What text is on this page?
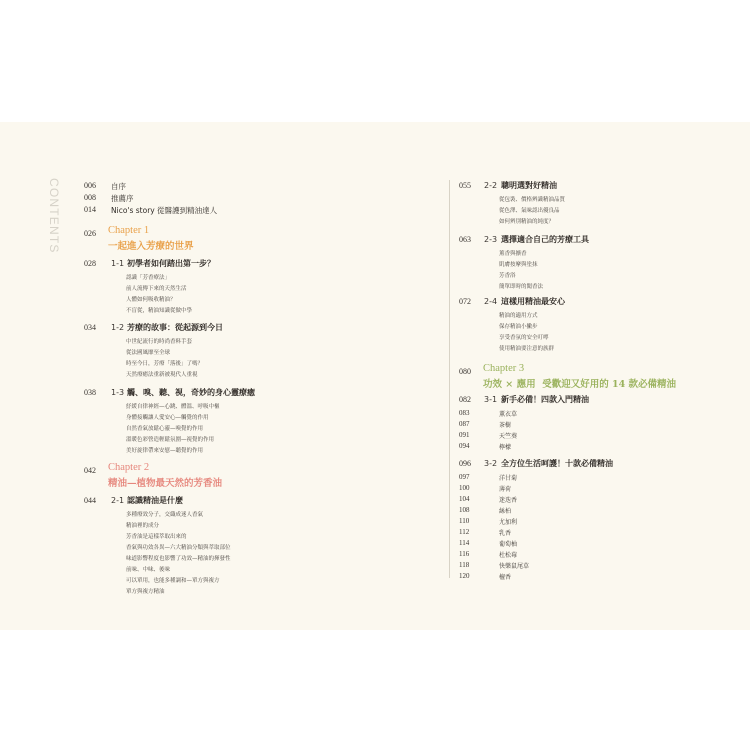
CONTENTS	006 自序
008 推薦序
014 Nico's story 從醫護到精油達人
026 Chapter 1
一起進入芳療的世界
028 1-1 初學者如何踏出第一步？
認識「芳香療法」
前人流傳下來的天然生活
人體如何吸收精油？
不盲從，精油知識從做中學
034 1-2 芳療的故事：從起源到今日
中世紀流行的時尚香料手套
從法國風靡至全球
時至今日，芳療「落後」了嗎？
天然療癒法重新被現代人重視
038 1-3 觸、嗅、聽、視，奇妙的身心靈療癒
紓緩自律神經—心跳、體溫、呼吸中樞
身體接觸讓人愛安心—觸覺的作用
自然香氣放鬆心靈—嗅覺的作用
溫暖色彩營造輕鬆氛圍—視覺的作用
美好旋律帶來安慰—聽覺的作用
042 Chapter 2
精油—植物最天然的芳香油
044 2-1 認識精油是什麼
多種療效分子，交織成迷人香氣
精油裡的成分
芳香油是這樣萃取出來的
香氣與功效各異—六大精油分類與萃取部位
味道影響程度也影響了功效—精油的揮發性
前味、中味、後味
可以單用，也能多種調和—單方與複方
單方與複方精油
055 2-2 聰明選對好精油
從包裝、價格辨識精油品質
從色澤、氣味認出優良品
如何辨別精油的純度？
063 2-3 選擇適合自己的芳療工具
薰香與擴香
肌膚按摩與塗抹
芳香浴
簡單即時的聞香法
072 2-4 這樣用精油最安心
精油的適用方式
保存精油小撇步
享受香氛的安全叮嚀
使用精油要注意的族群
080 Chapter 3
功效 × 應用  受歡迎又好用的 14 款必備精油
082 3-1 新手必備！四款入門精油
083	薰衣草
087	茶樹
091	天竺葵
094	檸檬
096 3-2 全方位生活呵護！十款必備精油
097	洋甘菊
100	薄荷
104	迷迭香
108	絲柏
110	尤加利
112	乳香
114	葡萄柚
116	杜松莓
118	快樂鼠尾草
120	檀香
